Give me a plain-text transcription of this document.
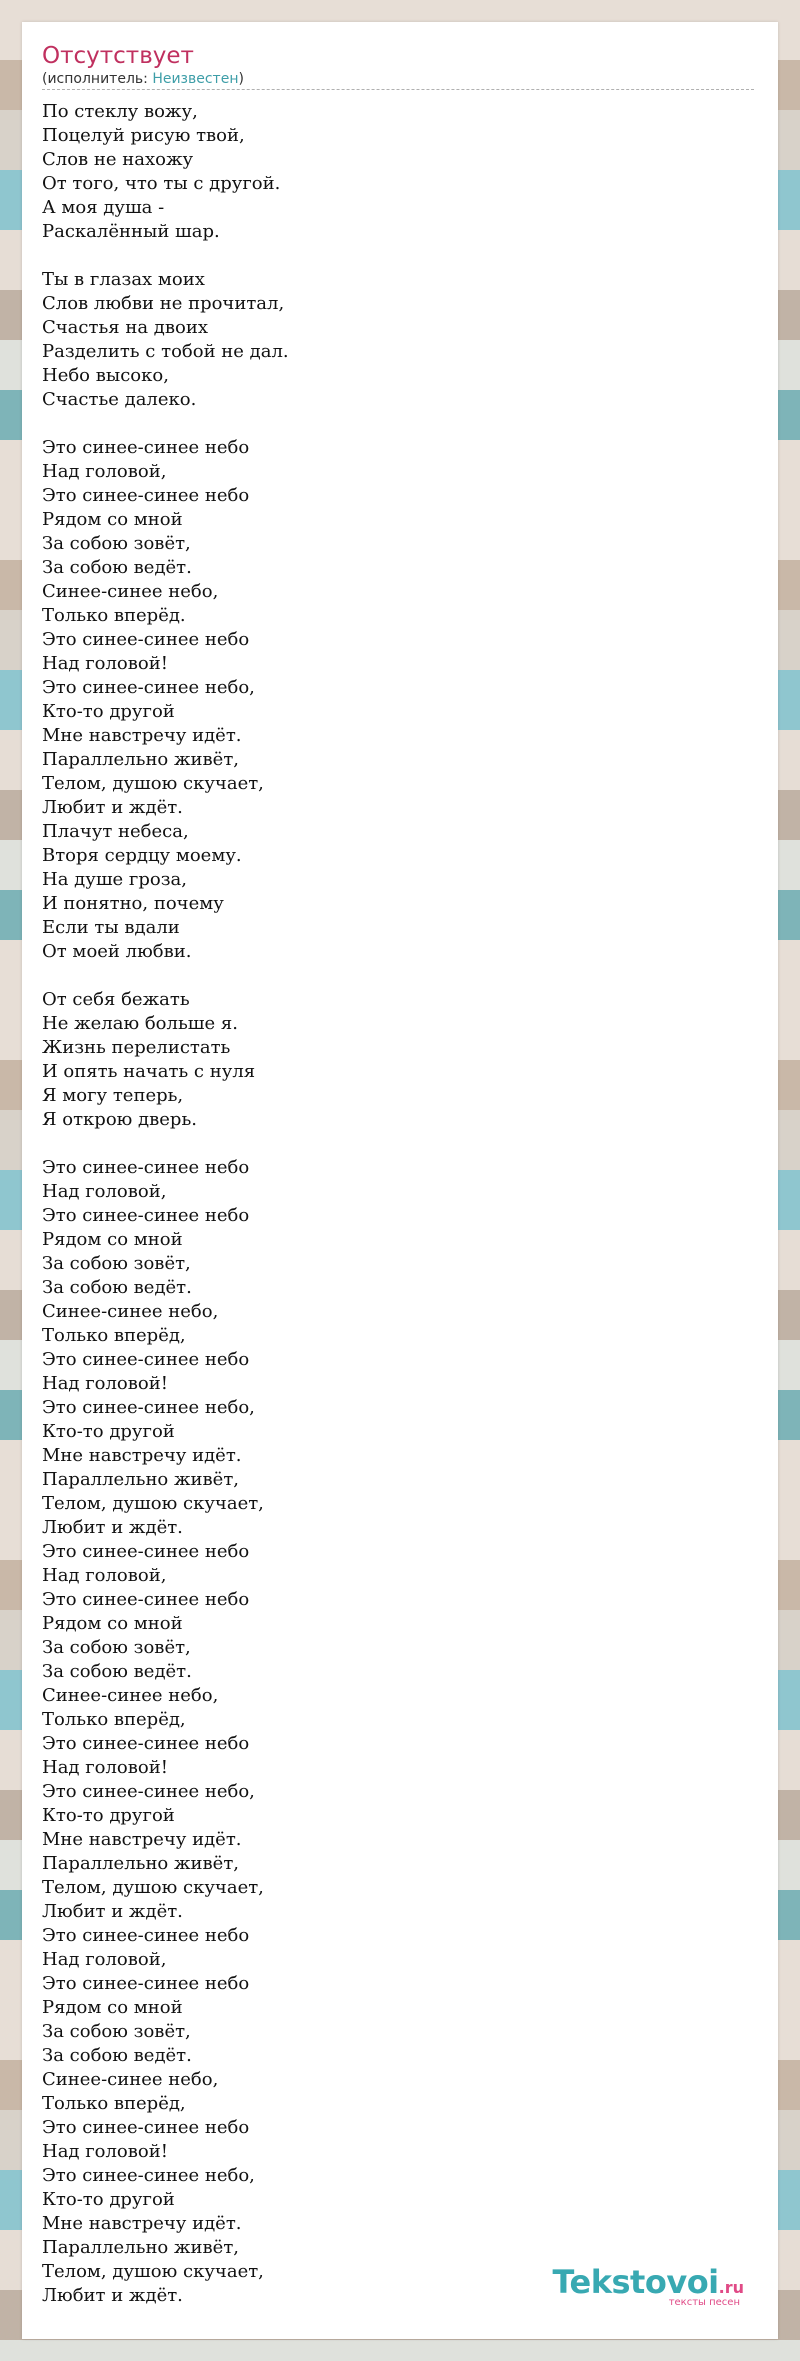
Отсутствует
(исполнитель: Неизвестен)
По стеклу вожу,
Поцелуй рисую твой,
Слов не нахожу
От того, что ты с другой.
А моя душа -
Раскалённый шар.
Ты в глазах моих
Слов любви не прочитал,
Счастья на двоих
Разделить с тобой не дал.
Небо высоко,
Счастье далеко.
Это синее-синее небо
Над головой,
Это синее-синее небо
Рядом со мной
За собою зовёт,
За собою ведёт.
Синее-синее небо,
Только вперёд.
Это синее-синее небо
Над головой!
Это синее-синее небо,
Кто-то другой
Мне навстречу идёт.
Параллельно живёт,
Телом, душою скучает,
Любит и ждёт.
Плачут небеса,
Вторя сердцу моему.
На душе гроза,
И понятно, почему
Если ты вдали
От моей любви.
От себя бежать
Не желаю больше я.
Жизнь перелистать
И опять начать с нуля
Я могу теперь,
Я открою дверь.
Это синее-синее небо
Над головой,
Это синее-синее небо
Рядом со мной
За собою зовёт,
За собою ведёт.
Синее-синее небо,
Только вперёд,
Это синее-синее небо
Над головой!
Это синее-синее небо,
Кто-то другой
Мне навстречу идёт.
Параллельно живёт,
Телом, душою скучает,
Любит и ждёт.
Это синее-синее небо
Над головой,
Это синее-синее небо
Рядом со мной
За собою зовёт,
За собою ведёт.
Синее-синее небо,
Только вперёд,
Это синее-синее небо
Над головой!
Это синее-синее небо,
Кто-то другой
Мне навстречу идёт.
Параллельно живёт,
Телом, душою скучает,
Любит и ждёт.
Это синее-синее небо
Над головой,
Это синее-синее небо
Рядом со мной
За собою зовёт,
За собою ведёт.
Синее-синее небо,
Только вперёд,
Это синее-синее небо
Над головой!
Это синее-синее небо,
Кто-то другой
Мне навстречу идёт.
Параллельно живёт,
Телом, душою скучает,
Любит и ждёт.	Tekstovoi.ru
тексты песен
